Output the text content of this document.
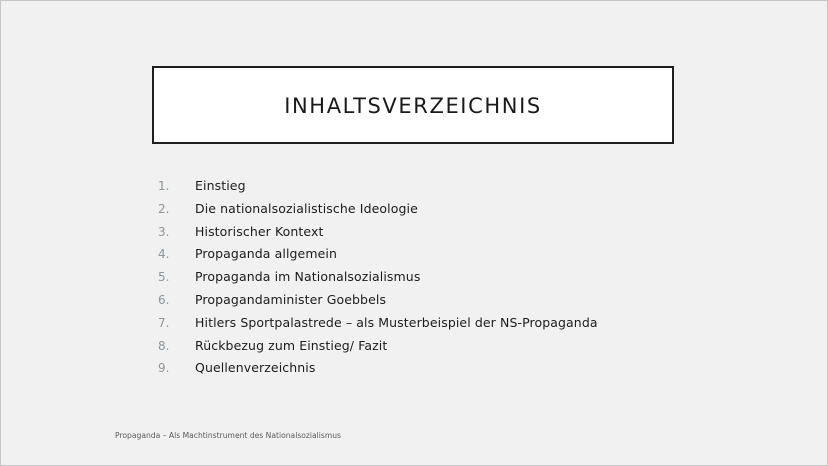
INHALTSVERZEICHNIS
1.	Einstieg
2.	Die nationalsozialistische Ideologie
3.	Historischer Kontext
4.	Propaganda allgemein
5.	Propaganda im Nationalsozialismus
6.	Propagandaminister Goebbels
7.	Hitlers Sportpalastrede – als Musterbeispiel der NS-Propaganda
8.	Rückbezug zum Einstieg/ Fazit
9.	Quellenverzeichnis
Propaganda – Als Machtinstrument des Nationalsozialismus
